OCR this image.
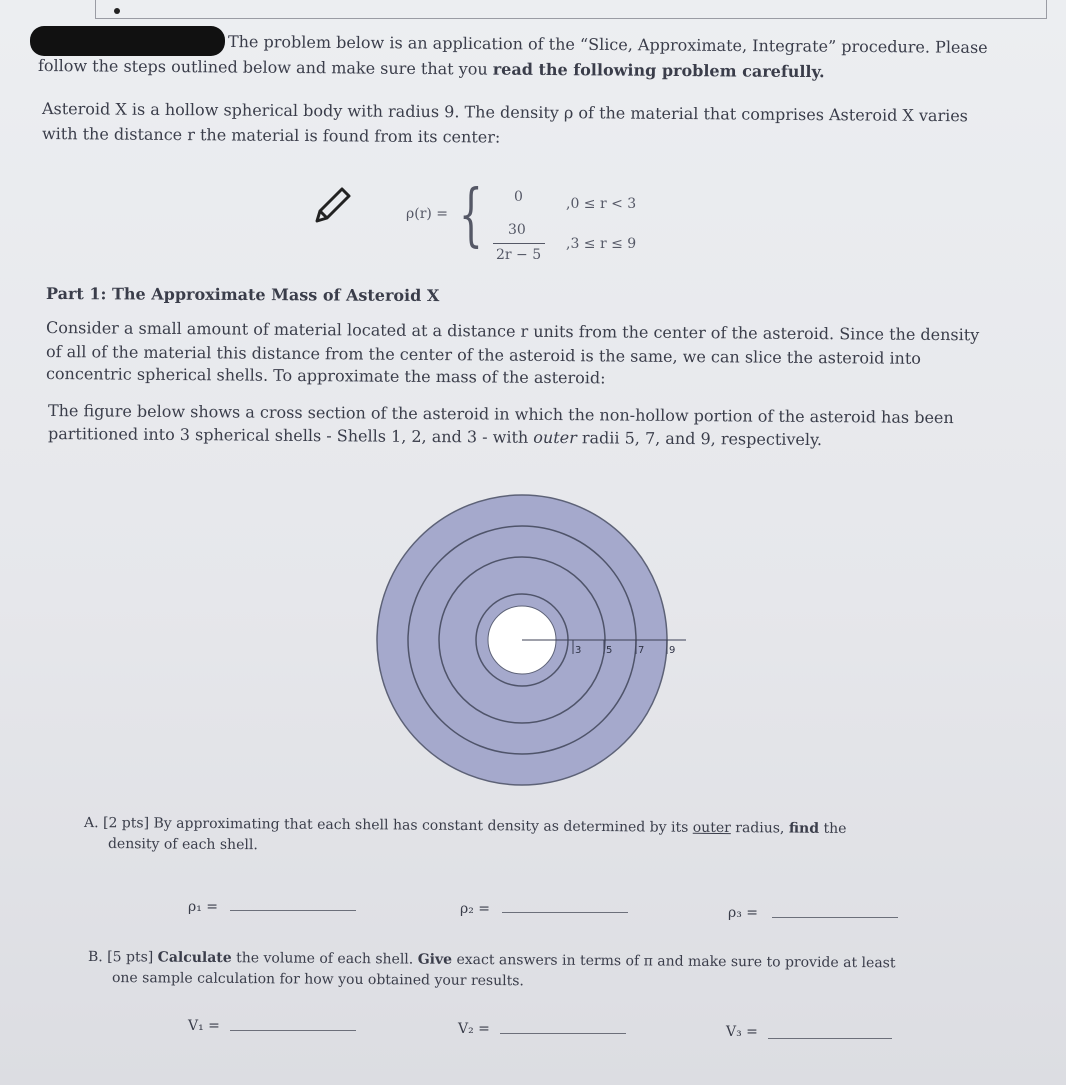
The problem below is an application of the “Slice, Approximate, Integrate” procedure. Please
follow the steps outlined below and make sure that you read the following problem carefully.
Asteroid X is a hollow spherical body with radius 9. The density ρ of the material that comprises Asteroid X varies
with the distance r the material is found from its center:
ρ(r) = { 0	,0 ≤ r < 3
30
2r − 5
,3 ≤ r ≤ 9
Part 1: The Approximate Mass of Asteroid X
Consider a small amount of material located at a distance r units from the center of the asteroid. Since the density
of all of the material this distance from the center of the asteroid is the same, we can slice the asteroid into
concentric spherical shells. To approximate the mass of the asteroid:
The figure below shows a cross section of the asteroid in which the non-hollow portion of the asteroid has been
partitioned into 3 spherical shells - Shells 1, 2, and 3 - with outer radii 5, 7, and 9, respectively.
3 5	7 9
A. [2 pts] By approximating that each shell has constant density as determined by its outer radius, find the
density of each shell.
ρ₁ =	ρ₂ =	ρ₃ =
B. [5 pts] Calculate the volume of each shell. Give exact answers in terms of π and make sure to provide at least
one sample calculation for how you obtained your results.
V₁ =	V₂ =	V₃ =
